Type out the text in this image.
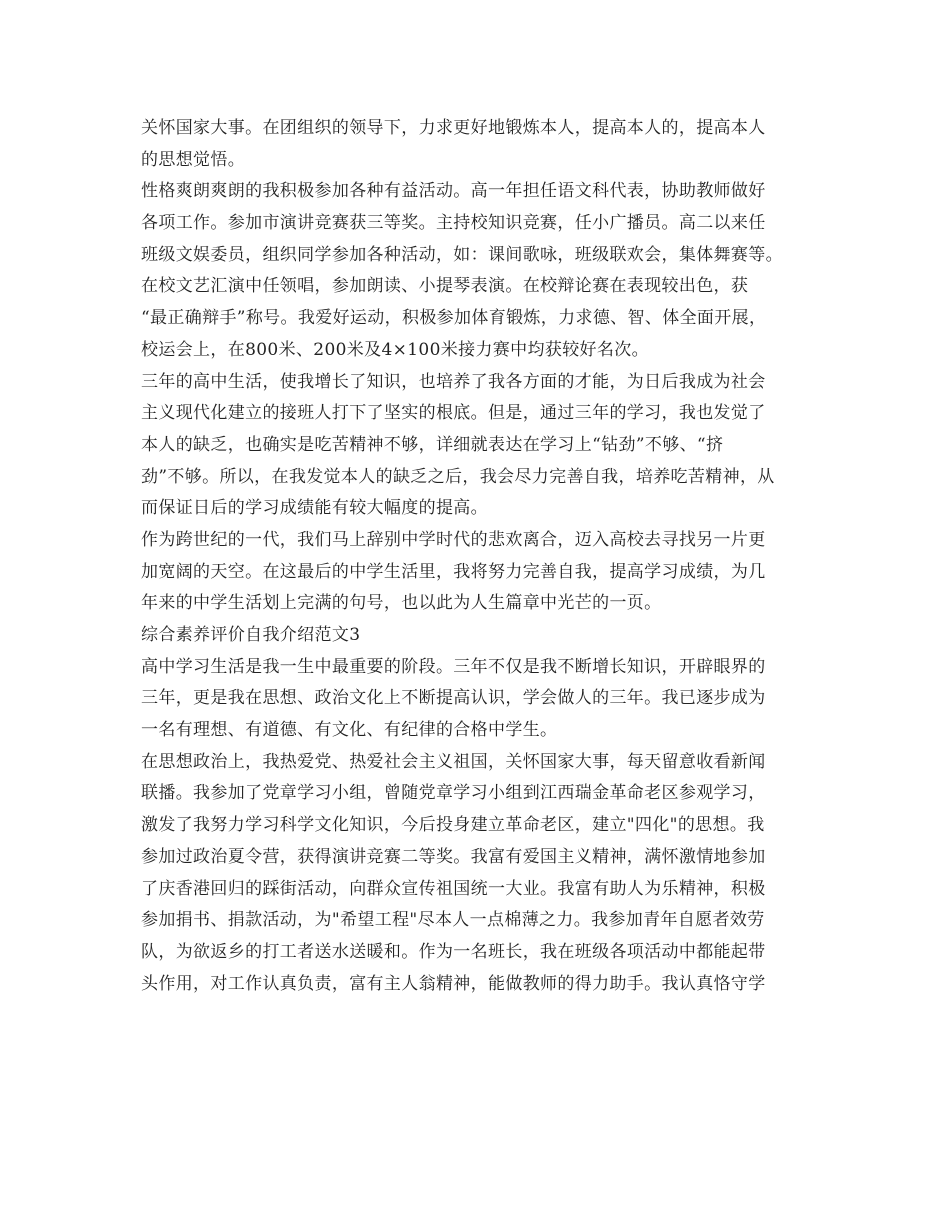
关怀国家大事。在团组织的领导下，力求更好地锻炼本人，提高本人的，提高本人
的思想觉悟。
性格爽朗爽朗的我积极参加各种有益活动。高一年担任语文科代表，协助教师做好
各项工作。参加市演讲竞赛获三等奖。主持校知识竞赛，任小广播员。高二以来任
班级文娱委员，组织同学参加各种活动，如：课间歌咏，班级联欢会，集体舞赛等。
在校文艺汇演中任领唱，参加朗读、小提琴表演。在校辩论赛在表现较出色，获
“最正确辩手”称号。我爱好运动，积极参加体育锻炼，力求德、智、体全面开展，
校运会上，在800米、200米及4×100米接力赛中均获较好名次。
三年的高中生活，使我增长了知识，也培养了我各方面的才能，为日后我成为社会
主义现代化建立的接班人打下了坚实的根底。但是，通过三年的学习，我也发觉了
本人的缺乏，也确实是吃苦精神不够，详细就表达在学习上“钻劲”不够、“挤
劲”不够。所以，在我发觉本人的缺乏之后，我会尽力完善自我，培养吃苦精神，从
而保证日后的学习成绩能有较大幅度的提高。
作为跨世纪的一代，我们马上辞别中学时代的悲欢离合，迈入高校去寻找另一片更
加宽阔的天空。在这最后的中学生活里，我将努力完善自我，提高学习成绩，为几
年来的中学生活划上完满的句号，也以此为人生篇章中光芒的一页。
综合素养评价自我介绍范文3
高中学习生活是我一生中最重要的阶段。三年不仅是我不断增长知识，开辟眼界的
三年，更是我在思想、政治文化上不断提高认识，学会做人的三年。我已逐步成为
一名有理想、有道德、有文化、有纪律的合格中学生。
在思想政治上，我热爱党、热爱社会主义祖国，关怀国家大事，每天留意收看新闻
联播。我参加了党章学习小组，曾随党章学习小组到江西瑞金革命老区参观学习，
激发了我努力学习科学文化知识，今后投身建立革命老区，建立"四化"的思想。我
参加过政治夏令营，获得演讲竞赛二等奖。我富有爱国主义精神，满怀激情地参加
了庆香港回归的踩街活动，向群众宣传祖国统一大业。我富有助人为乐精神，积极
参加捐书、捐款活动，为"希望工程"尽本人一点棉薄之力。我参加青年自愿者效劳
队，为欲返乡的打工者送水送暖和。作为一名班长，我在班级各项活动中都能起带
头作用，对工作认真负责，富有主人翁精神，能做教师的得力助手。我认真恪守学
